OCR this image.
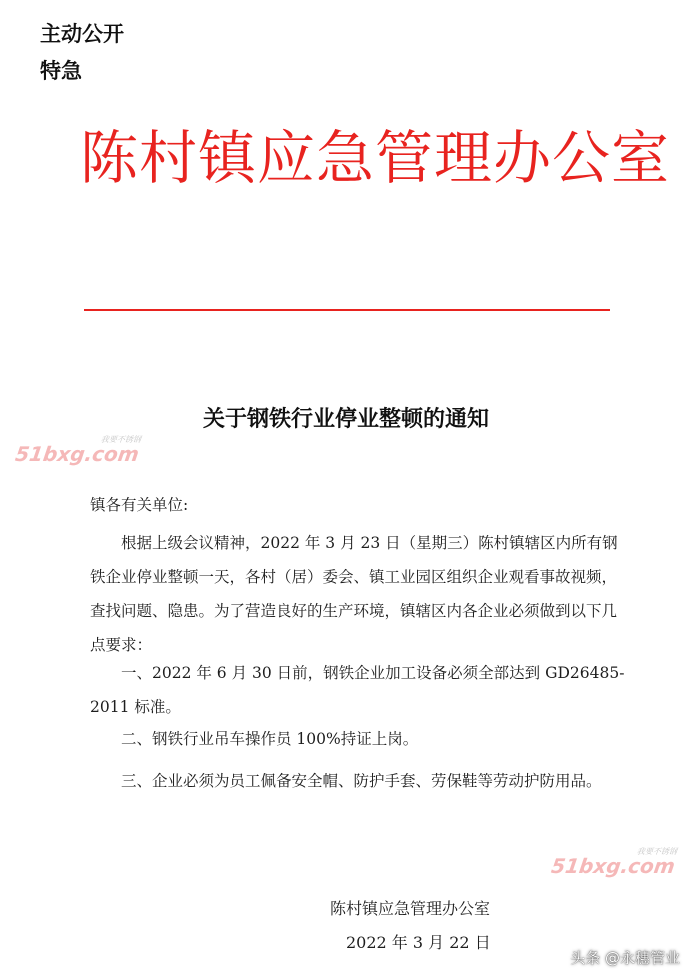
主动公开
特急
陈村镇应急管理办公室
关于钢铁行业停业整顿的通知
我要不锈钢
51bxg.com
镇各有关单位:

根据上级会议精神，2022 年 3 月 23 日（星期三）陈村镇辖区内所有钢铁企业停业整顿一天，各村（居）委会、镇工业园区组织企业观看事故视频，查找问题、隐患。为了营造良好的生产环境，镇辖区内各企业必须做到以下几点要求：

一、2022 年 6 月 30 日前，钢铁企业加工设备必须全部达到 GD26485-2011 标准。

二、钢铁行业吊车操作员 100%持证上岗。

三、企业必须为员工佩备安全帽、防护手套、劳保鞋等劳动护防用品。

我要不锈钢
51bxg.com
陈村镇应急管理办公室
2022 年 3 月 22 日
头条 @永穗管业
